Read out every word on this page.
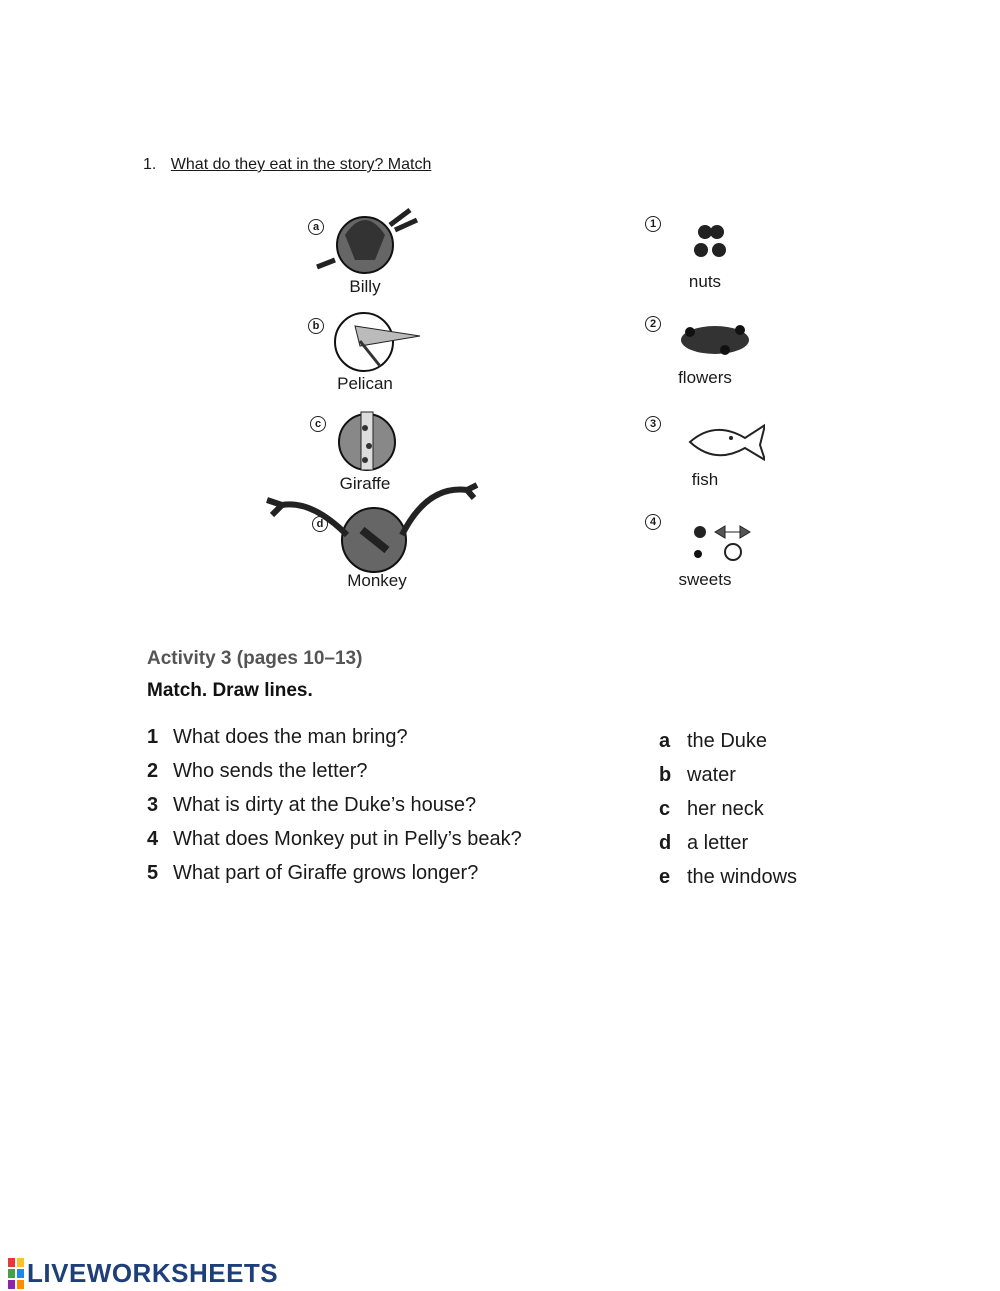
1. What do they eat in the story? Match
a
Billy
b
Pelican
c
Giraffe
d
Monkey
1
nuts
2
flowers
3
fish
4
sweets
Activity 3 (pages 10–13)
Match. Draw lines.
1 What does the man bring?
2 Who sends the letter?
3 What is dirty at the Duke’s house?
4 What does Monkey put in Pelly’s beak?
5 What part of Giraffe grows longer?
a the Duke
b water
c her neck
d a letter
e the windows
LIVEWORKSHEETS
